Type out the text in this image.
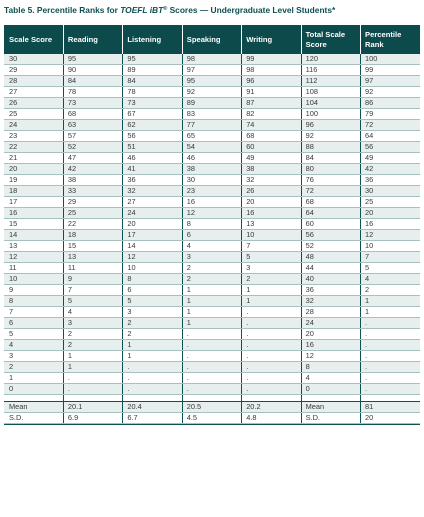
Table 5. Percentile Ranks for TOEFL iBT® Scores — Undergraduate Level Students*
Scale Score	Reading	Listening	Speaking	Writing	Total Scale Score	Percentile Rank
30	95	95	98	99	120	100
29	90	89	97	98	116	99
28	84	84	95	96	112	97
27	78	78	92	91	108	92
26	73	73	89	87	104	86
25	68	67	83	82	100	79
24	63	62	77	74	96	72
23	57	56	65	68	92	64
22	52	51	54	60	88	56
21	47	46	46	49	84	49
20	42	41	38	38	80	42
19	38	36	30	32	76	36
18	33	32	23	26	72	30
17	29	27	16	20	68	25
16	25	24	12	16	64	20
15	22	20	8	13	60	16
14	18	17	6	10	56	12
13	15	14	4	7	52	10
12	13	12	3	5	48	7
11	11	10	2	3	44	5
10	9	8	2	2	40	4
9	7	6	1	1	36	2
8	5	5	1	1	32	1
7	4	3	1	.	28	1
6	3	2	1	.	24	.
5	2	2	.	.	20	.
4	2	1	.	.	16	.
3	1	1	.	.	12	.
2	1	.	.	.	8	.
1	.	.	.	.	4	.
0	.	.	.	.	0	.

Mean	20.1	20.4	20.5	20.2	Mean	81
S.D.	6.9	6.7	4.5	4.8	S.D.	20
